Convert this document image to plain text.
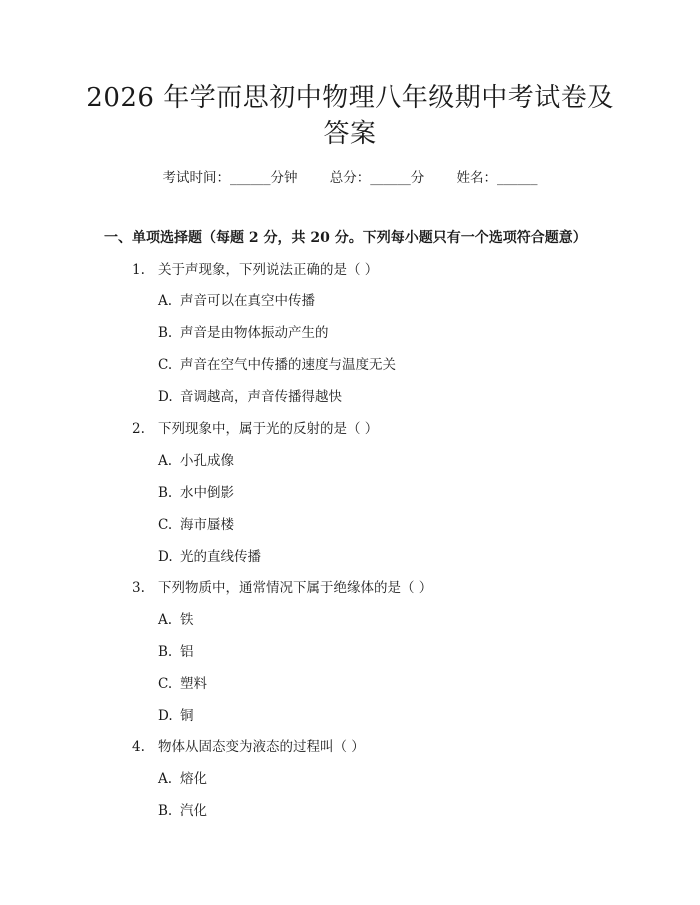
2026 年学而思初中物理八年级期中考试卷及
答案
考试时间：______分钟 总分：______分 姓名：______
一、单项选择题（每题 2 分，共 20 分。下列每小题只有一个选项符合题意）
1. 关于声现象，下列说法正确的是（ ）
A. 声音可以在真空中传播
B. 声音是由物体振动产生的
C. 声音在空气中传播的速度与温度无关
D. 音调越高，声音传播得越快
2. 下列现象中，属于光的反射的是（ ）
A. 小孔成像
B. 水中倒影
C. 海市蜃楼
D. 光的直线传播
3. 下列物质中，通常情况下属于绝缘体的是（ ）
A. 铁
B. 铝
C. 塑料
D. 铜
4. 物体从固态变为液态的过程叫（ ）
A. 熔化
B. 汽化
